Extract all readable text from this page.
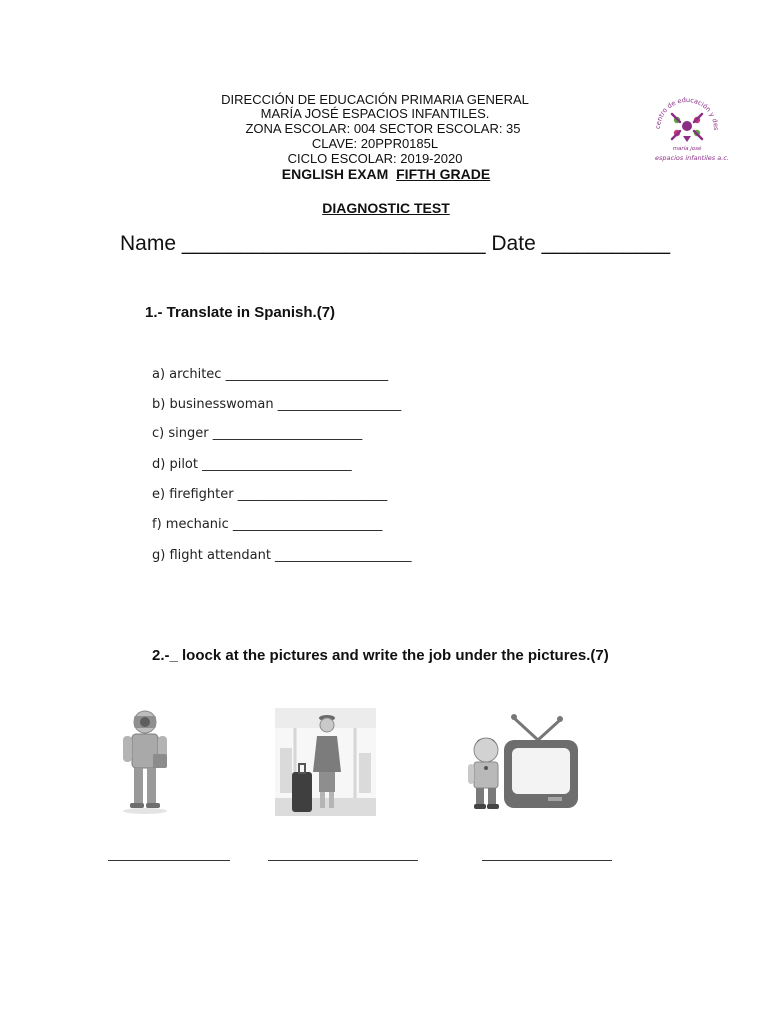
DIRECCIÓN DE EDUCACIÓN PRIMARIA GENERAL
MARÍA JOSÉ ESPACIOS INFANTILES.
ZONA ESCOLAR: 004 SECTOR ESCOLAR: 35
CLAVE: 20PPR0185L
CICLO ESCOLAR: 2019-2020
ENGLISH EXAM FIFTH GRADE
DIAGNOSTIC TEST
centro de educación y des
maría josé
espacios infantiles a.c.
Name __________________________ Date ___________
1.- Translate in Spanish.(7)
a) architec _________________________
b) businesswoman ___________________
c) singer _______________________
d) pilot _______________________
e) firefighter _______________________
f) mechanic _______________________
g) flight attendant _____________________
2.-_ loock at the pictures and write the job under the pictures.(7)
